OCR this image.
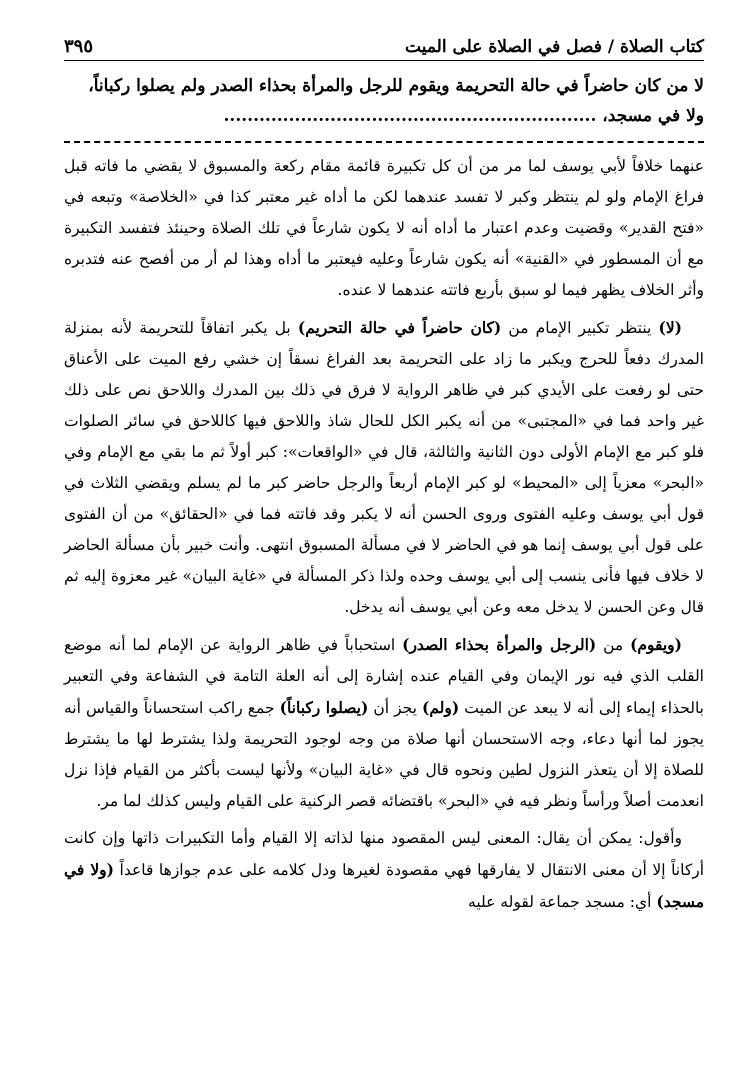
كتاب الصلاة / فصل في الصلاة على الميت
٣٩٥
لا من كان حاضراً في حالة التحريمة ويقوم للرجل والمرأة بحذاء الصدر ولم يصلوا ركباناً،
ولا في مسجد، ...............................................................

عنهما خلافاً لأبي يوسف لما مر من أن كل تكبيرة قائمة مقام ركعة والمسبوق لا يقضي ما فاته قبل فراغ الإمام ولو لم ينتظر وكبر لا تفسد عندهما لكن ما أداه غير معتبر كذا في «الخلاصة» وتبعه في «فتح القدير» وقضيت وعدم اعتبار ما أداه أنه لا يكون شارعاً في تلك الصلاة وحينئذ فتفسد التكبيرة مع أن المسطور في «القنية» أنه يكون شارعاً وعليه فيعتبر ما أداه وهذا لم أر من أفصح عنه فتدبره وأثر الخلاف يظهر فيما لو سبق بأربع فاتته عندهما لا عنده.

(لا) ينتظر تكبير الإمام من (كان حاضراً في حالة التحريم) بل يكبر اتفاقاً للتحريمة لأنه بمنزلة المدرك دفعاً للحرج ويكبر ما زاد على التحريمة بعد الفراغ نسقاً إن خشي رفع الميت على الأعناق حتى لو رفعت على الأيدي كبر في ظاهر الرواية لا فرق في ذلك بين المدرك واللاحق نص على ذلك غير واحد فما في «المجتبى» من أنه يكبر الكل للحال شاذ واللاحق فيها كاللاحق في سائر الصلوات فلو كبر مع الإمام الأولى دون الثانية والثالثة، قال في «الواقعات»: كبر أولاً ثم ما بقي مع الإمام وفي «البحر» معزياً إلى «المحيط» لو كبر الإمام أربعاً والرجل حاضر كبر ما لم يسلم ويقضي الثلاث في قول أبي يوسف وعليه الفتوى وروى الحسن أنه لا يكبر وقد فاتته فما في «الحقائق» من أن الفتوى على قول أبي يوسف إنما هو في الحاضر لا في مسألة المسبوق انتهى. وأنت خبير بأن مسألة الحاضر لا خلاف فيها فأنى ينسب إلى أبي يوسف وحده ولذا ذكر المسألة في «غاية البيان» غير معزوة إليه ثم قال وعن الحسن لا يدخل معه وعن أبي يوسف أنه يدخل.

(ويقوم) من (الرجل والمرأة بحذاء الصدر) استحباباً في ظاهر الرواية عن الإمام لما أنه موضع القلب الذي فيه نور الإيمان وفي القيام عنده إشارة إلى أنه العلة التامة في الشفاعة وفي التعبير بالحذاء إيماء إلى أنه لا يبعد عن الميت (ولم) يجز أن (يصلوا ركباناً) جمع راكب استحساناً والقياس أنه يجوز لما أنها دعاء، وجه الاستحسان أنها صلاة من وجه لوجود التحريمة ولذا يشترط لها ما يشترط للصلاة إلا أن يتعذر النزول لطين ونحوه قال في «غاية البيان» ولأنها ليست بأكثر من القيام فإذا نزل انعدمت أصلاً ورأساً ونظر فيه في «البحر» باقتضائه قصر الركنية على القيام وليس كذلك لما مر.

وأقول: يمكن أن يقال: المعنى ليس المقصود منها لذاته إلا القيام وأما التكبيرات ذاتها وإن كانت أركاناً إلا أن معنى الانتقال لا يفارقها فهي مقصودة لغيرها ودل كلامه على عدم جوازها قاعداً (ولا في مسجد) أي: مسجد جماعة لقوله عليه
